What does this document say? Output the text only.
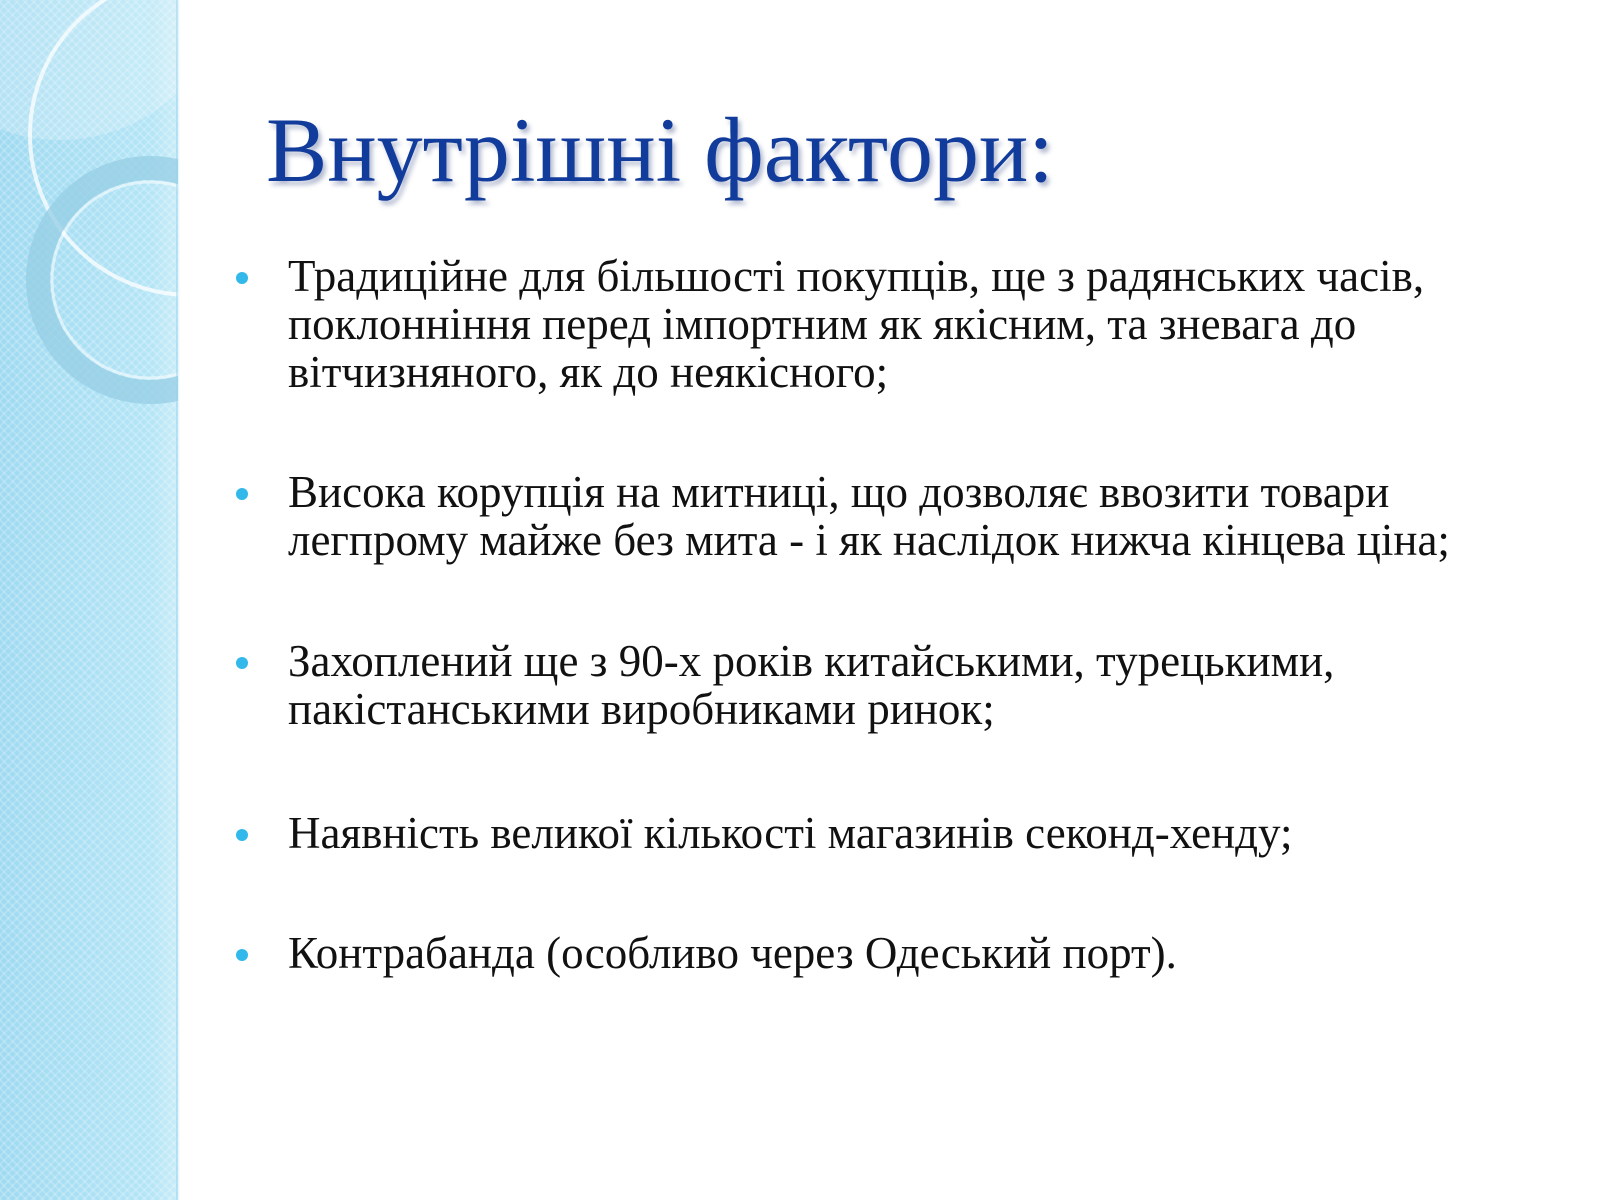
Внутрішні фактори:
Традиційне для більшості покупців, ще з радянських часів, поклонніння перед імпортним як якісним, та зневага до вітчизняного, як до неякісного;
Висока корупція на митниці, що дозволяє ввозити товари легпрому майже без мита - і як наслідок нижча кінцева ціна;
Захоплений ще з 90-х років китайськими, турецькими, пакістанськими виробниками ринок;
Наявність великої кількості магазинів секонд-хенду;
Контрабанда (особливо через Одеський порт).
